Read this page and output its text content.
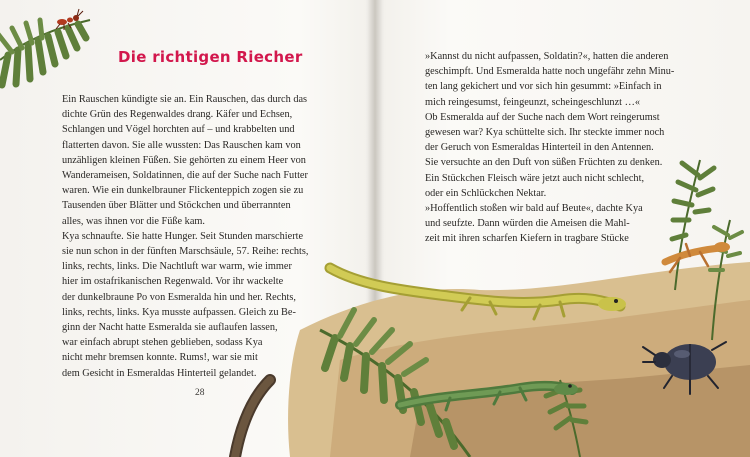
Die richtigen Riecher

Ein Rauschen kündigte sie an. Ein Rauschen, das durch das

dichte Grün des Regenwaldes drang. Käfer und Echsen,

Schlangen und Vögel horchten auf – und krabbelten und

flatterten davon. Sie alle wussten: Das Rauschen kam von

unzähligen kleinen Füßen. Sie gehörten zu einem Heer von

Wanderameisen, Soldatinnen, die auf der Suche nach Futter

waren. Wie ein dunkelbrauner Flickenteppich zogen sie zu

Tausenden über Blätter und Stöckchen und überrannten

alles, was ihnen vor die Füße kam.

Kya schnaufte. Sie hatte Hunger. Seit Stunden marschierte

sie nun schon in der fünften Marschsäule, 57. Reihe: rechts,

links, rechts, links. Die Nachtluft war warm, wie immer

hier im ostafrikanischen Regenwald. Vor ihr wackelte

der dunkelbraune Po von Esmeralda hin und her. Rechts,

links, rechts, links. Kya musste aufpassen. Gleich zu Be-

ginn der Nacht hatte Esmeralda sie auflaufen lassen,

war einfach abrupt stehen geblieben, sodass Kya

nicht mehr bremsen konnte. Rums!, war sie mit

dem Gesicht in Esmeraldas Hinterteil gelandet.

28

»Kannst du nicht aufpassen, Soldatin?«, hatten die anderen

geschimpft. Und Esmeralda hatte noch ungefähr zehn Minu-

ten lang gekichert und vor sich hin gesummt: »Einfach in

mich reingesumst, feingeunzt, scheingeschlunzt …«

Ob Esmeralda auf der Suche nach dem Wort reingerumst

gewesen war? Kya schüttelte sich. Ihr steckte immer noch

der Geruch von Esmeraldas Hinterteil in den Antennen.

Sie versuchte an den Duft von süßen Früchten zu denken.

Ein Stückchen Fleisch wäre jetzt auch nicht schlecht,

oder ein Schlückchen Nektar.

»Hoffentlich stoßen wir bald auf Beute«, dachte Kya

und seufzte. Dann würden die Ameisen die Mahl-

zeit mit ihren scharfen Kiefern in tragbare Stücke
